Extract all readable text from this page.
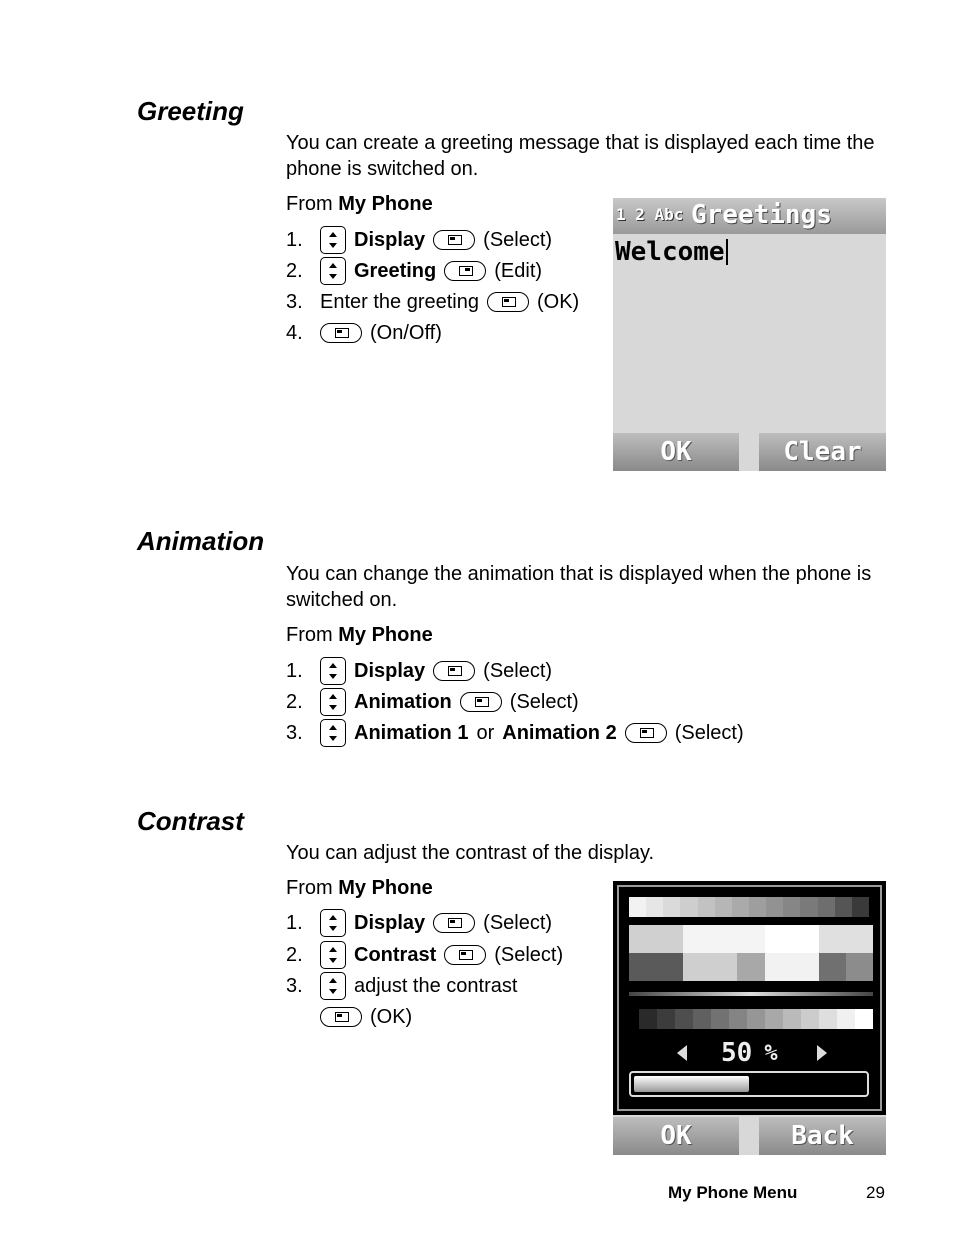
Greeting
You can create a greeting message that is displayed each time the phone is switched on.
From My Phone
1.	Display	(Select)
2.	Greeting	(Edit)
3. Enter the greeting	(OK)
4.	(On/Off)
1 2 Abc Greetings
Welcome
OK	Clear
Animation
You can change the animation that is displayed when the phone is switched on.
From My Phone
1.	Display	(Select)
2.	Animation	(Select)
3.	Animation 1 or Animation 2	(Select)
Contrast
You can adjust the contrast of the display.
From My Phone
1.	Display	(Select)
2.	Contrast	(Select)
3.	adjust the contrast
(OK)
50 %
OK	Back
My Phone Menu	29
